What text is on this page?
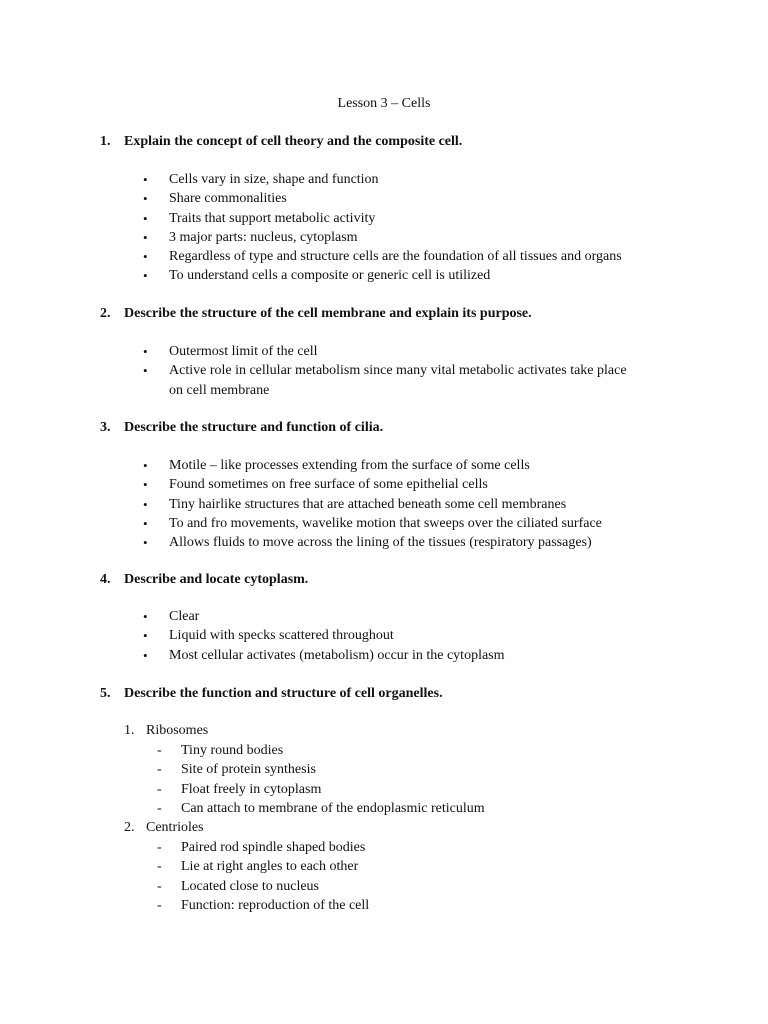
Lesson 3 – Cells
1. Explain the concept of cell theory and the composite cell.
• Cells vary in size, shape and function
• Share commonalities
• Traits that support metabolic activity
• 3 major parts: nucleus, cytoplasm
• Regardless of type and structure cells are the foundation of all tissues and organs
• To understand cells a composite or generic cell is utilized
2. Describe the structure of the cell membrane and explain its purpose.
• Outermost limit of the cell
• Active role in cellular metabolism since many vital metabolic activates take place
on cell membrane
3. Describe the structure and function of cilia.
• Motile – like processes extending from the surface of some cells
• Found sometimes on free surface of some epithelial cells
• Tiny hairlike structures that are attached beneath some cell membranes
• To and fro movements, wavelike motion that sweeps over the ciliated surface
• Allows fluids to move across the lining of the tissues (respiratory passages)
4. Describe and locate cytoplasm.
• Clear
• Liquid with specks scattered throughout
• Most cellular activates (metabolism) occur in the cytoplasm
5. Describe the function and structure of cell organelles.
1. Ribosomes
- Tiny round bodies
- Site of protein synthesis
- Float freely in cytoplasm
- Can attach to membrane of the endoplasmic reticulum
2. Centrioles
- Paired rod spindle shaped bodies
- Lie at right angles to each other
- Located close to nucleus
- Function: reproduction of the cell
